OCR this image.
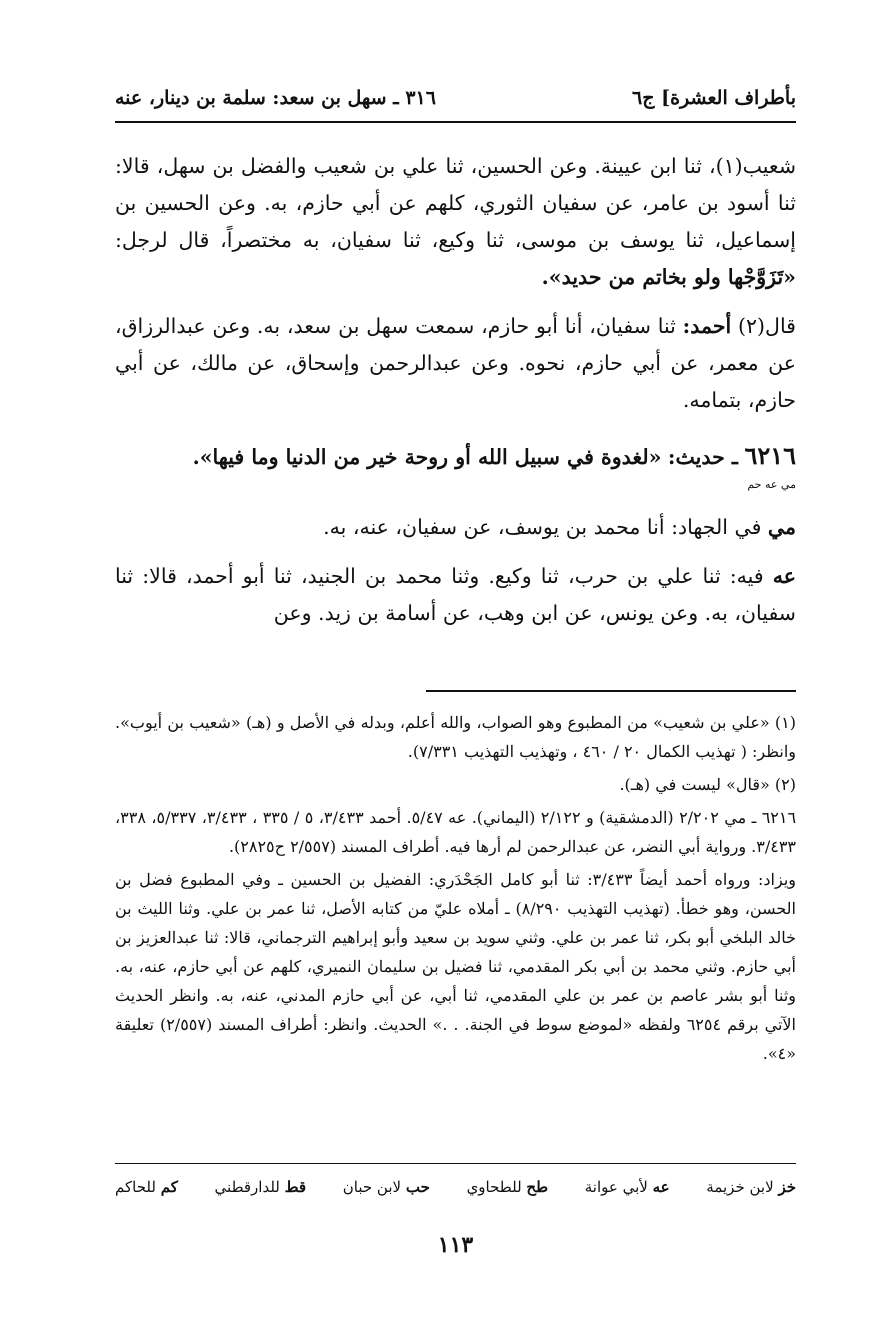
بأطراف العشرة] ج٦
٣١٦ ـ سهل بن سعد: سلمة بن دينار، عنه

شعيب(١)، ثنا ابن عيينة. وعن الحسين، ثنا علي بن شعيب والفضل بن سهل، قالا: ثنا أسود بن عامر، عن سفيان الثوري، كلهم عن أبي حازم، به. وعن الحسين بن إسماعيل، ثنا يوسف بن موسى، ثنا وكيع، ثنا سفيان، به مختصراً، قال لرجل: «تَزَوَّجْها ولو بخاتم من حديد».

قال(٢) أحمد: ثنا سفيان، أنا أبو حازم، سمعت سهل بن سعد، به. وعن عبدالرزاق، عن معمر، عن أبي حازم، نحوه. وعن عبدالرحمن وإسحاق، عن مالك، عن أبي حازم، بتمامه.

٦٢١٦ ـ حديث: «لغدوة في سبيل الله أو روحة خير من الدنيا وما فيها».
مي عه حم

مي في الجهاد: أنا محمد بن يوسف، عن سفيان، عنه، به.

عه فيه: ثنا علي بن حرب، ثنا وكيع. وثنا محمد بن الجنيد، ثنا أبو أحمد، قالا: ثنا سفيان، به. وعن يونس، عن ابن وهب، عن أسامة بن زيد. وعن

(١) «علي بن شعيب» من المطبوع وهو الصواب، والله أعلم، وبدله في الأصل و (هـ) «شعيب بن أيوب». وانظر: ( تهذيب الكمال ٢٠ / ٤٦٠ ، وتهذيب التهذيب ٧/٣٣١).

(٢) «قال» ليست في (هـ).

٦٢١٦ ـ مي ٢/٢٠٢ (الدمشقية) و ٢/١٢٢ (اليماني). عه ٥/٤٧. أحمد ٣/٤٣٣، ٥ / ٣٣٥ ، ٣/٤٣٣، ٥/٣٣٧، ٣٣٨، ٣/٤٣٣. ورواية أبي النضر، عن عبدالرحمن لم أرها فيه. أطراف المسند (٢/٥٥٧ ح٢٨٢٥).

ويزاد: ورواه أحمد أيضاً ٣/٤٣٣: ثنا أبو كامل الجَحْدَري: الفضيل بن الحسين ـ وفي المطبوع فضل بن الحسن، وهو خطأ. (تهذيب التهذيب ٨/٢٩٠) ـ أملاه عليّ من كتابه الأصل، ثنا عمر بن علي. وثنا الليث بن خالد البلخي أبو بكر، ثنا عمر بن علي. وثني سويد بن سعيد وأبو إبراهيم الترجماني، قالا: ثنا عبدالعزيز بن أبي حازم. وثني محمد بن أبي بكر المقدمي، ثنا فضيل بن سليمان النميري، كلهم عن أبي حازم، عنه، به. وثنا أبو بشر عاصم بن عمر بن علي المقدمي، ثنا أبي، عن أبي حازم المدني، عنه، به. وانظر الحديث الآتي برقم ٦٢٥٤ ولفظه «لموضع سوط في الجنة. . .» الحديث. وانظر: أطراف المسند (٢/٥٥٧) تعليقة «٤».

خز لابن خزيمة
عه لأبي عوانة
طح للطحاوي
حب لابن حبان
قط للدارقطني
كم للحاكم
١١٣
